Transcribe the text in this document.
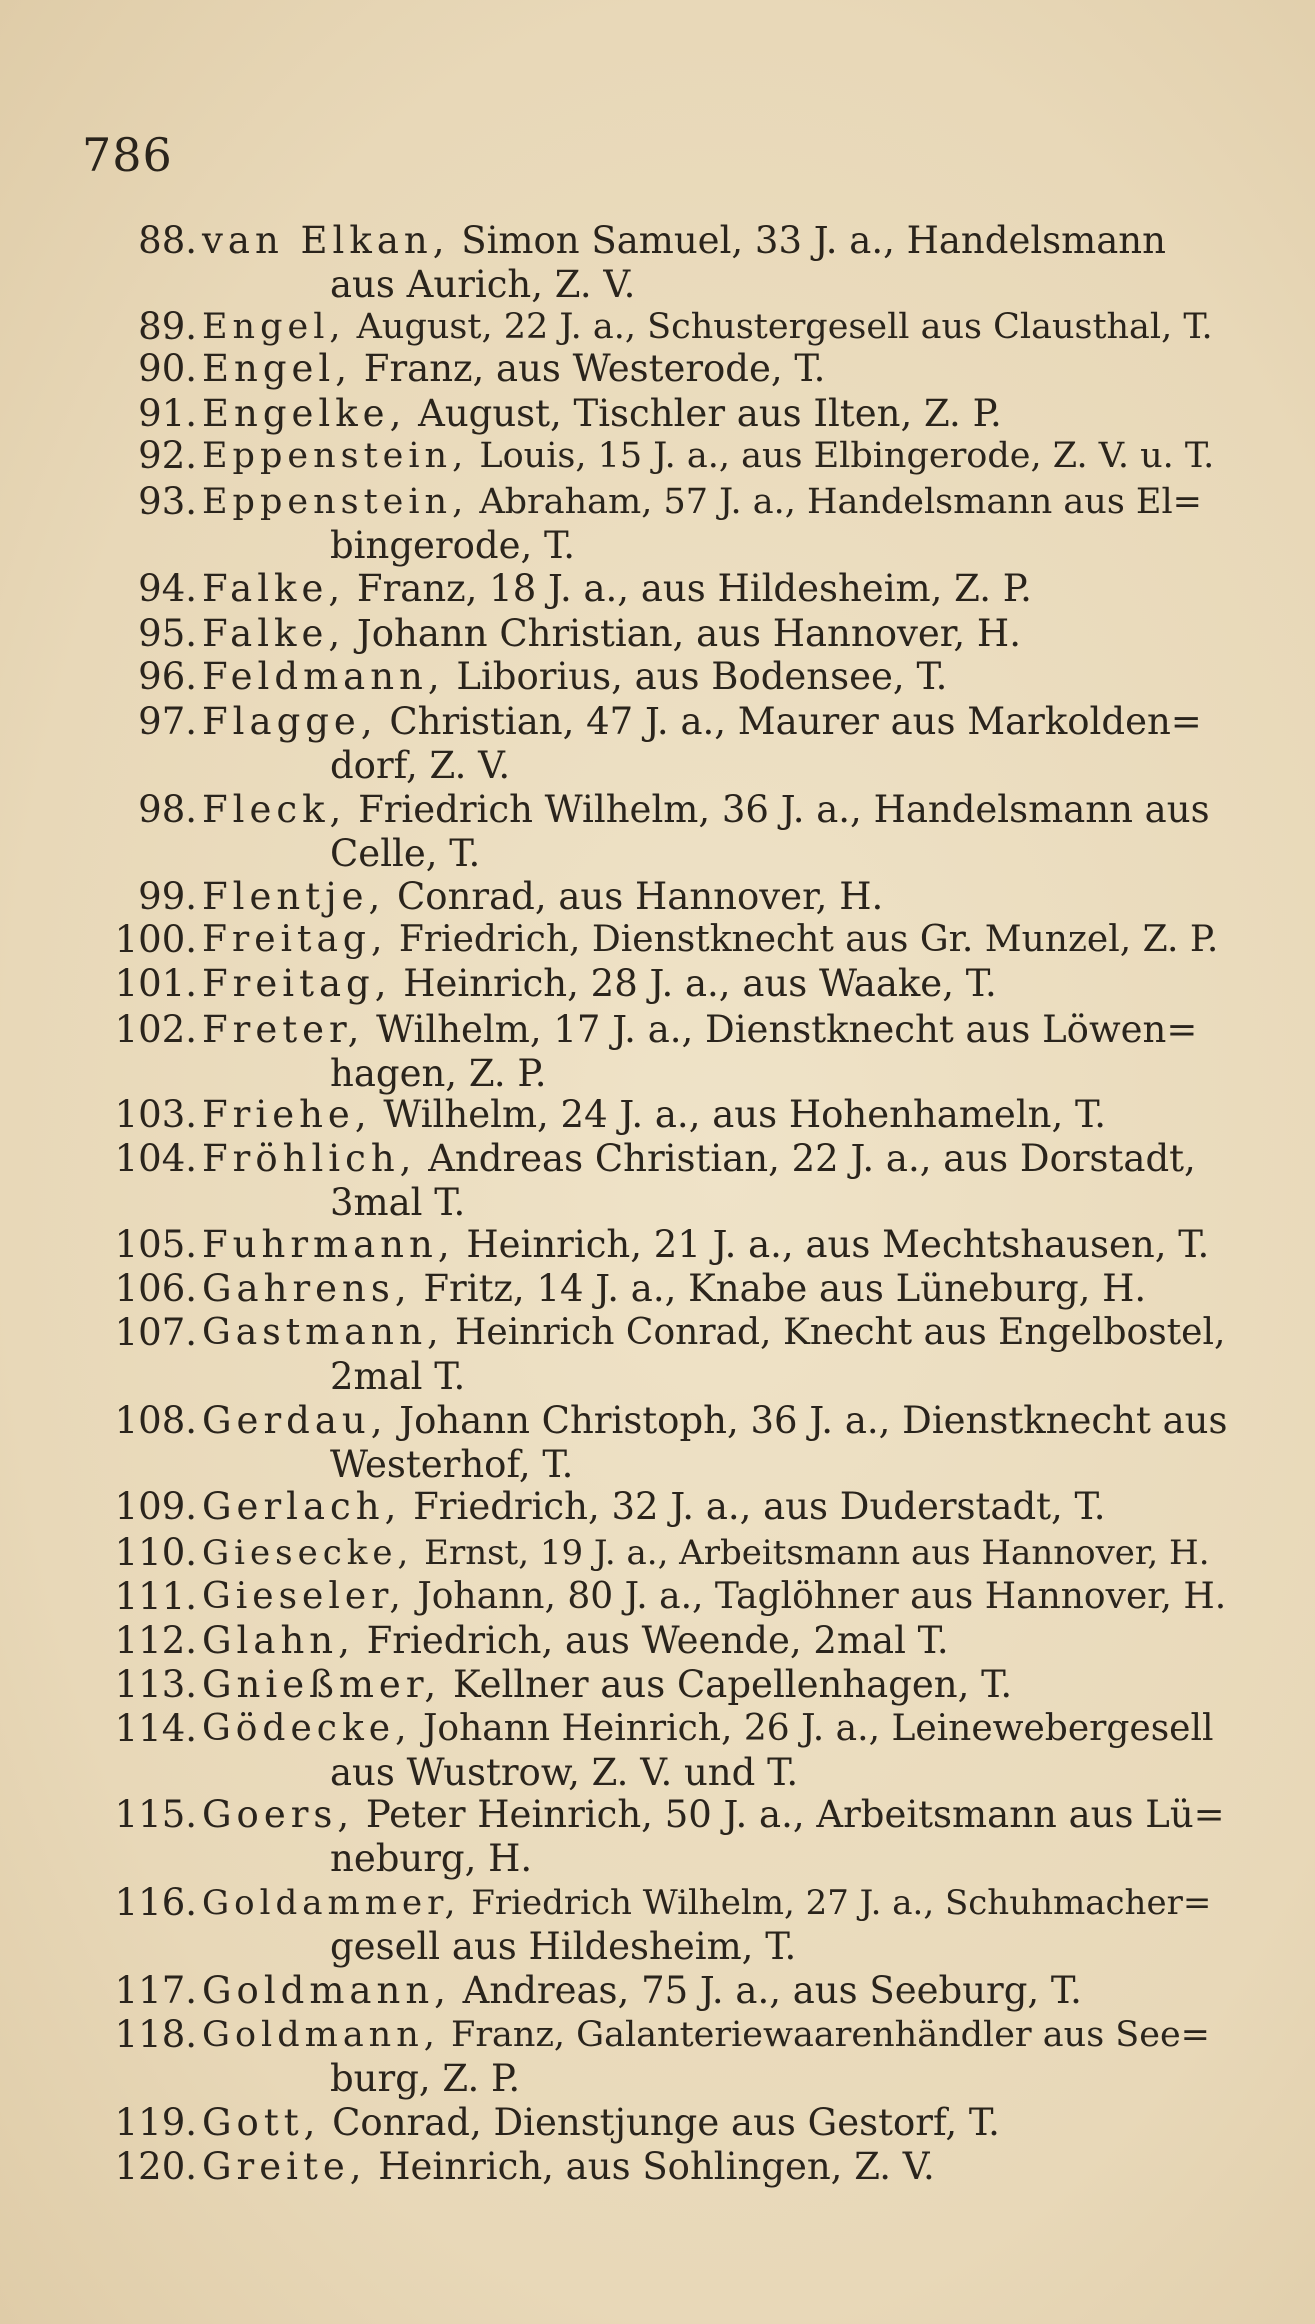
786
88. van Elkan, Simon Samuel, 33 J. a., Handelsmann
aus Aurich, Z. V.
89. Engel, August, 22 J. a., Schustergesell aus Clausthal, T.
90. Engel, Franz, aus Westerode, T.
91. Engelke, August, Tischler aus Ilten, Z. P.
92. Eppenstein, Louis, 15 J. a., aus Elbingerode, Z. V. u. T.
93. Eppenstein, Abraham, 57 J. a., Handelsmann aus El=
bingerode, T.
94. Falke, Franz, 18 J. a., aus Hildesheim, Z. P.
95. Falke, Johann Christian, aus Hannover, H.
96. Feldmann, Liborius, aus Bodensee, T.
97. Flagge, Christian, 47 J. a., Maurer aus Markolden=
dorf, Z. V.
98. Fleck, Friedrich Wilhelm, 36 J. a., Handelsmann aus
Celle, T.
99. Flentje, Conrad, aus Hannover, H.
100. Freitag, Friedrich, Dienstknecht aus Gr. Munzel, Z. P.
101. Freitag, Heinrich, 28 J. a., aus Waake, T.
102. Freter, Wilhelm, 17 J. a., Dienstknecht aus Löwen=
hagen, Z. P.
103. Friehe, Wilhelm, 24 J. a., aus Hohenhameln, T.
104. Fröhlich, Andreas Christian, 22 J. a., aus Dorstadt,
3mal T.
105. Fuhrmann, Heinrich, 21 J. a., aus Mechtshausen, T.
106. Gahrens, Fritz, 14 J. a., Knabe aus Lüneburg, H.
107. Gastmann, Heinrich Conrad, Knecht aus Engelbostel,
2mal T.
108. Gerdau, Johann Christoph, 36 J. a., Dienstknecht aus
Westerhof, T.
109. Gerlach, Friedrich, 32 J. a., aus Duderstadt, T.
110. Giesecke, Ernst, 19 J. a., Arbeitsmann aus Hannover, H.
111. Gieseler, Johann, 80 J. a., Taglöhner aus Hannover, H.
112. Glahn, Friedrich, aus Weende, 2mal T.
113. Gnießmer, Kellner aus Capellenhagen, T.
114. Gödecke, Johann Heinrich, 26 J. a., Leinewebergesell
aus Wustrow, Z. V. und T.
115. Goers, Peter Heinrich, 50 J. a., Arbeitsmann aus Lü=
neburg, H.
116. Goldammer, Friedrich Wilhelm, 27 J. a., Schuhmacher=
gesell aus Hildesheim, T.
117. Goldmann, Andreas, 75 J. a., aus Seeburg, T.
118. Goldmann, Franz, Galanteriewaarenhändler aus See=
burg, Z. P.
119. Gott, Conrad, Dienstjunge aus Gestorf, T.
120. Greite, Heinrich, aus Sohlingen, Z. V.
